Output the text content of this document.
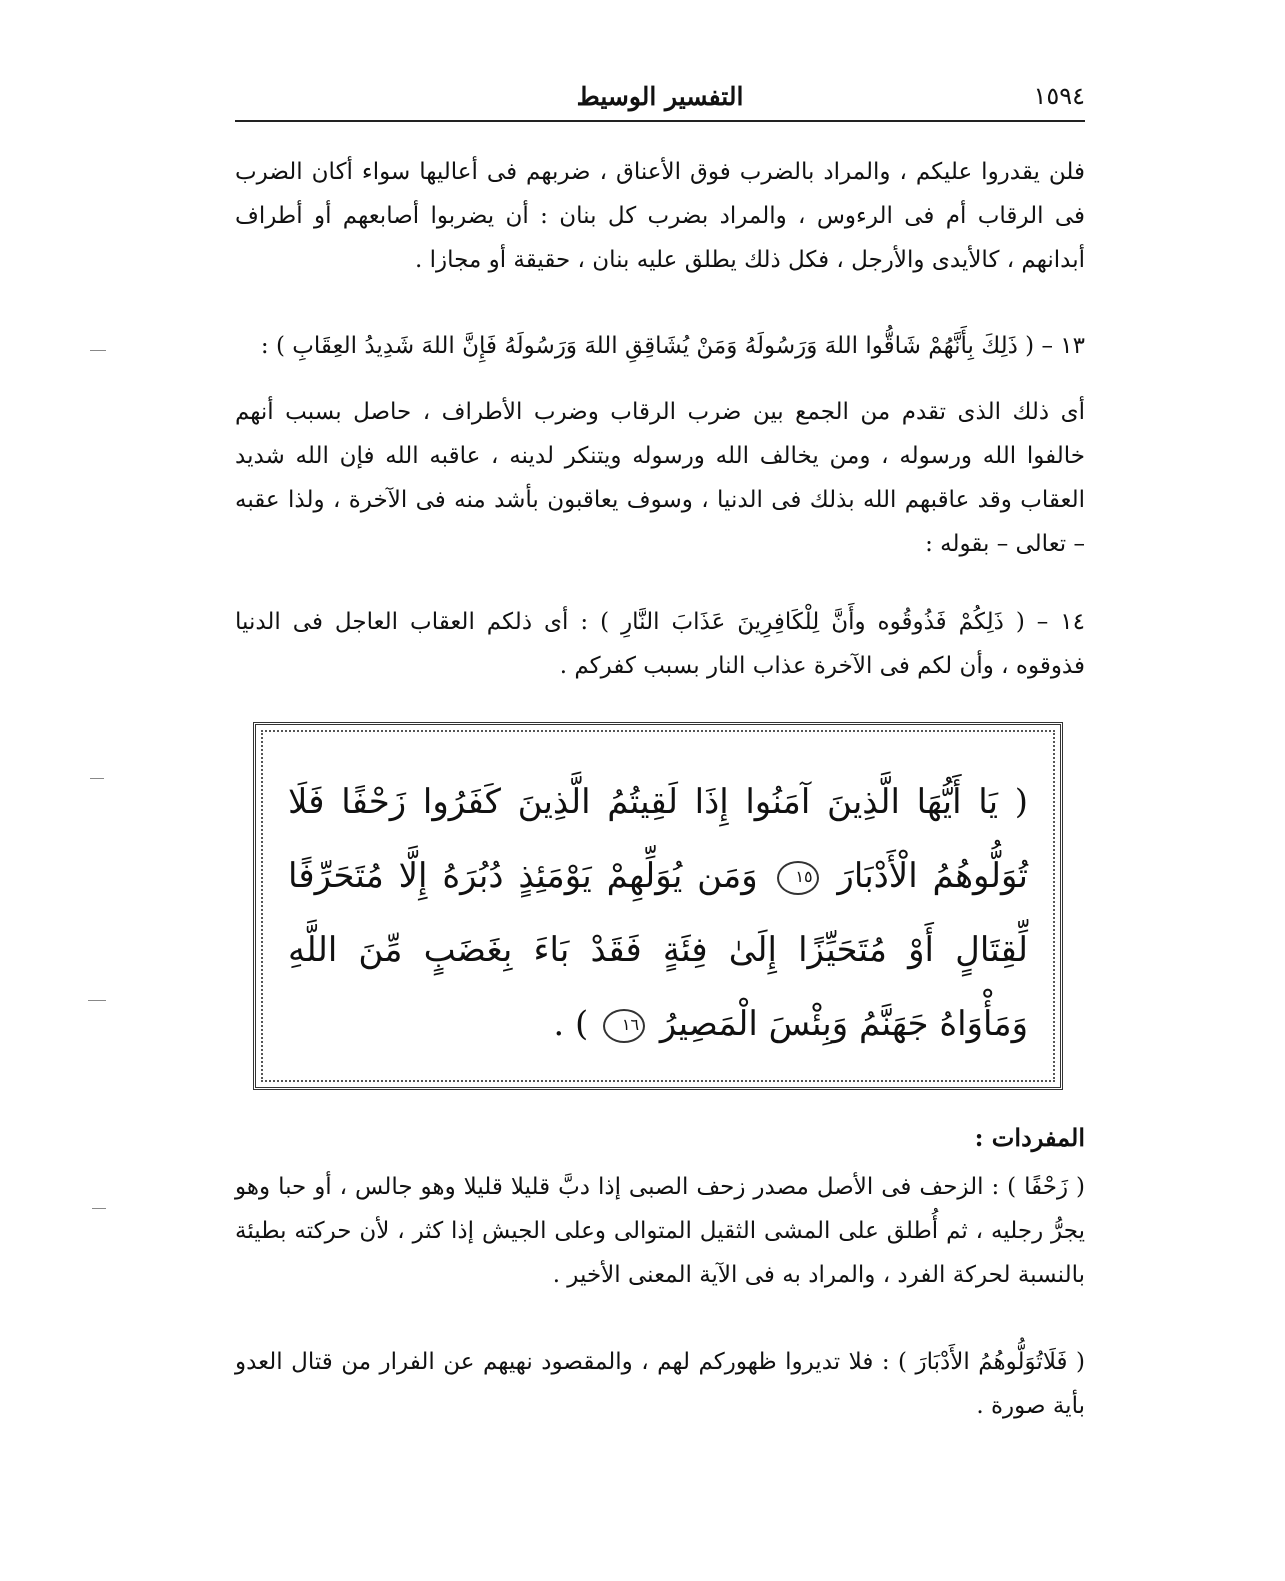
١٥٩٤
التفسير الوسيط

فلن يقدروا عليكم ، والمراد بالضرب فوق الأعناق ، ضربهم فى أعاليها سواء أكان الضرب فى الرقاب أم فى الرءوس ، والمراد بضرب كل بنان : أن يضربوا أصابعهم أو أطراف أبدانهم ، كالأيدى والأرجل ، فكل ذلك يطلق عليه بنان ، حقيقة أو مجازا .

١٣ – ( ذَلِكَ بِأَنَّهُمْ شَاقُّوا اللهَ وَرَسُولَهُ وَمَنْ يُشَاقِقِ اللهَ وَرَسُولَهُ فَإِنَّ اللهَ شَدِيدُ العِقَابِ ) :

أى ذلك الذى تقدم من الجمع بين ضرب الرقاب وضرب الأطراف ، حاصل بسبب أنهم خالفوا الله ورسوله ، ومن يخالف الله ورسوله ويتنكر لدينه ، عاقبه الله فإن الله شديد العقاب وقد عاقبهم الله بذلك فى الدنيا ، وسوف يعاقبون بأشد منه فى الآخرة ، ولذا عقبه – تعالى – بقوله :

١٤ – ( ذَلِكُمْ فَذُوقُوه وأَنَّ لِلْكَافِرِينَ عَذَابَ النَّارِ ) : أى ذلكم العقاب العاجل فى الدنيا فذوقوه ، وأن لكم فى الآخرة عذاب النار بسبب كفركم .

( يَا أَيُّهَا الَّذِينَ آمَنُوا إِذَا لَقِيتُمُ الَّذِينَ كَفَرُوا زَحْفًا فَلَا تُوَلُّوهُمُ الْأَدْبَارَ ١٥ وَمَن يُوَلِّهِمْ يَوْمَئِذٍ دُبُرَهُ إِلَّا مُتَحَرِّفًا لِّقِتَالٍ أَوْ مُتَحَيِّزًا إِلَىٰ فِئَةٍ فَقَدْ بَاءَ بِغَضَبٍ مِّنَ اللَّهِ وَمَأْوَاهُ جَهَنَّمُ وَبِئْسَ الْمَصِيرُ ١٦ ) .
المفردات :

( زَحْفًا ) : الزحف فى الأصل مصدر زحف الصبى إذا دبَّ قليلا قليلا وهو جالس ، أو حبا وهو يجرُّ رجليه ، ثم أُطلق على المشى الثقيل المتوالى وعلى الجيش إذا كثر ، لأن حركته بطيئة بالنسبة لحركة الفرد ، والمراد به فى الآية المعنى الأخير .

( فَلَاتُوَلُّوهُمُ الأَدْبَارَ ) : فلا تديروا ظهوركم لهم ، والمقصود نهيهم عن الفرار من قتال العدو بأية صورة .
